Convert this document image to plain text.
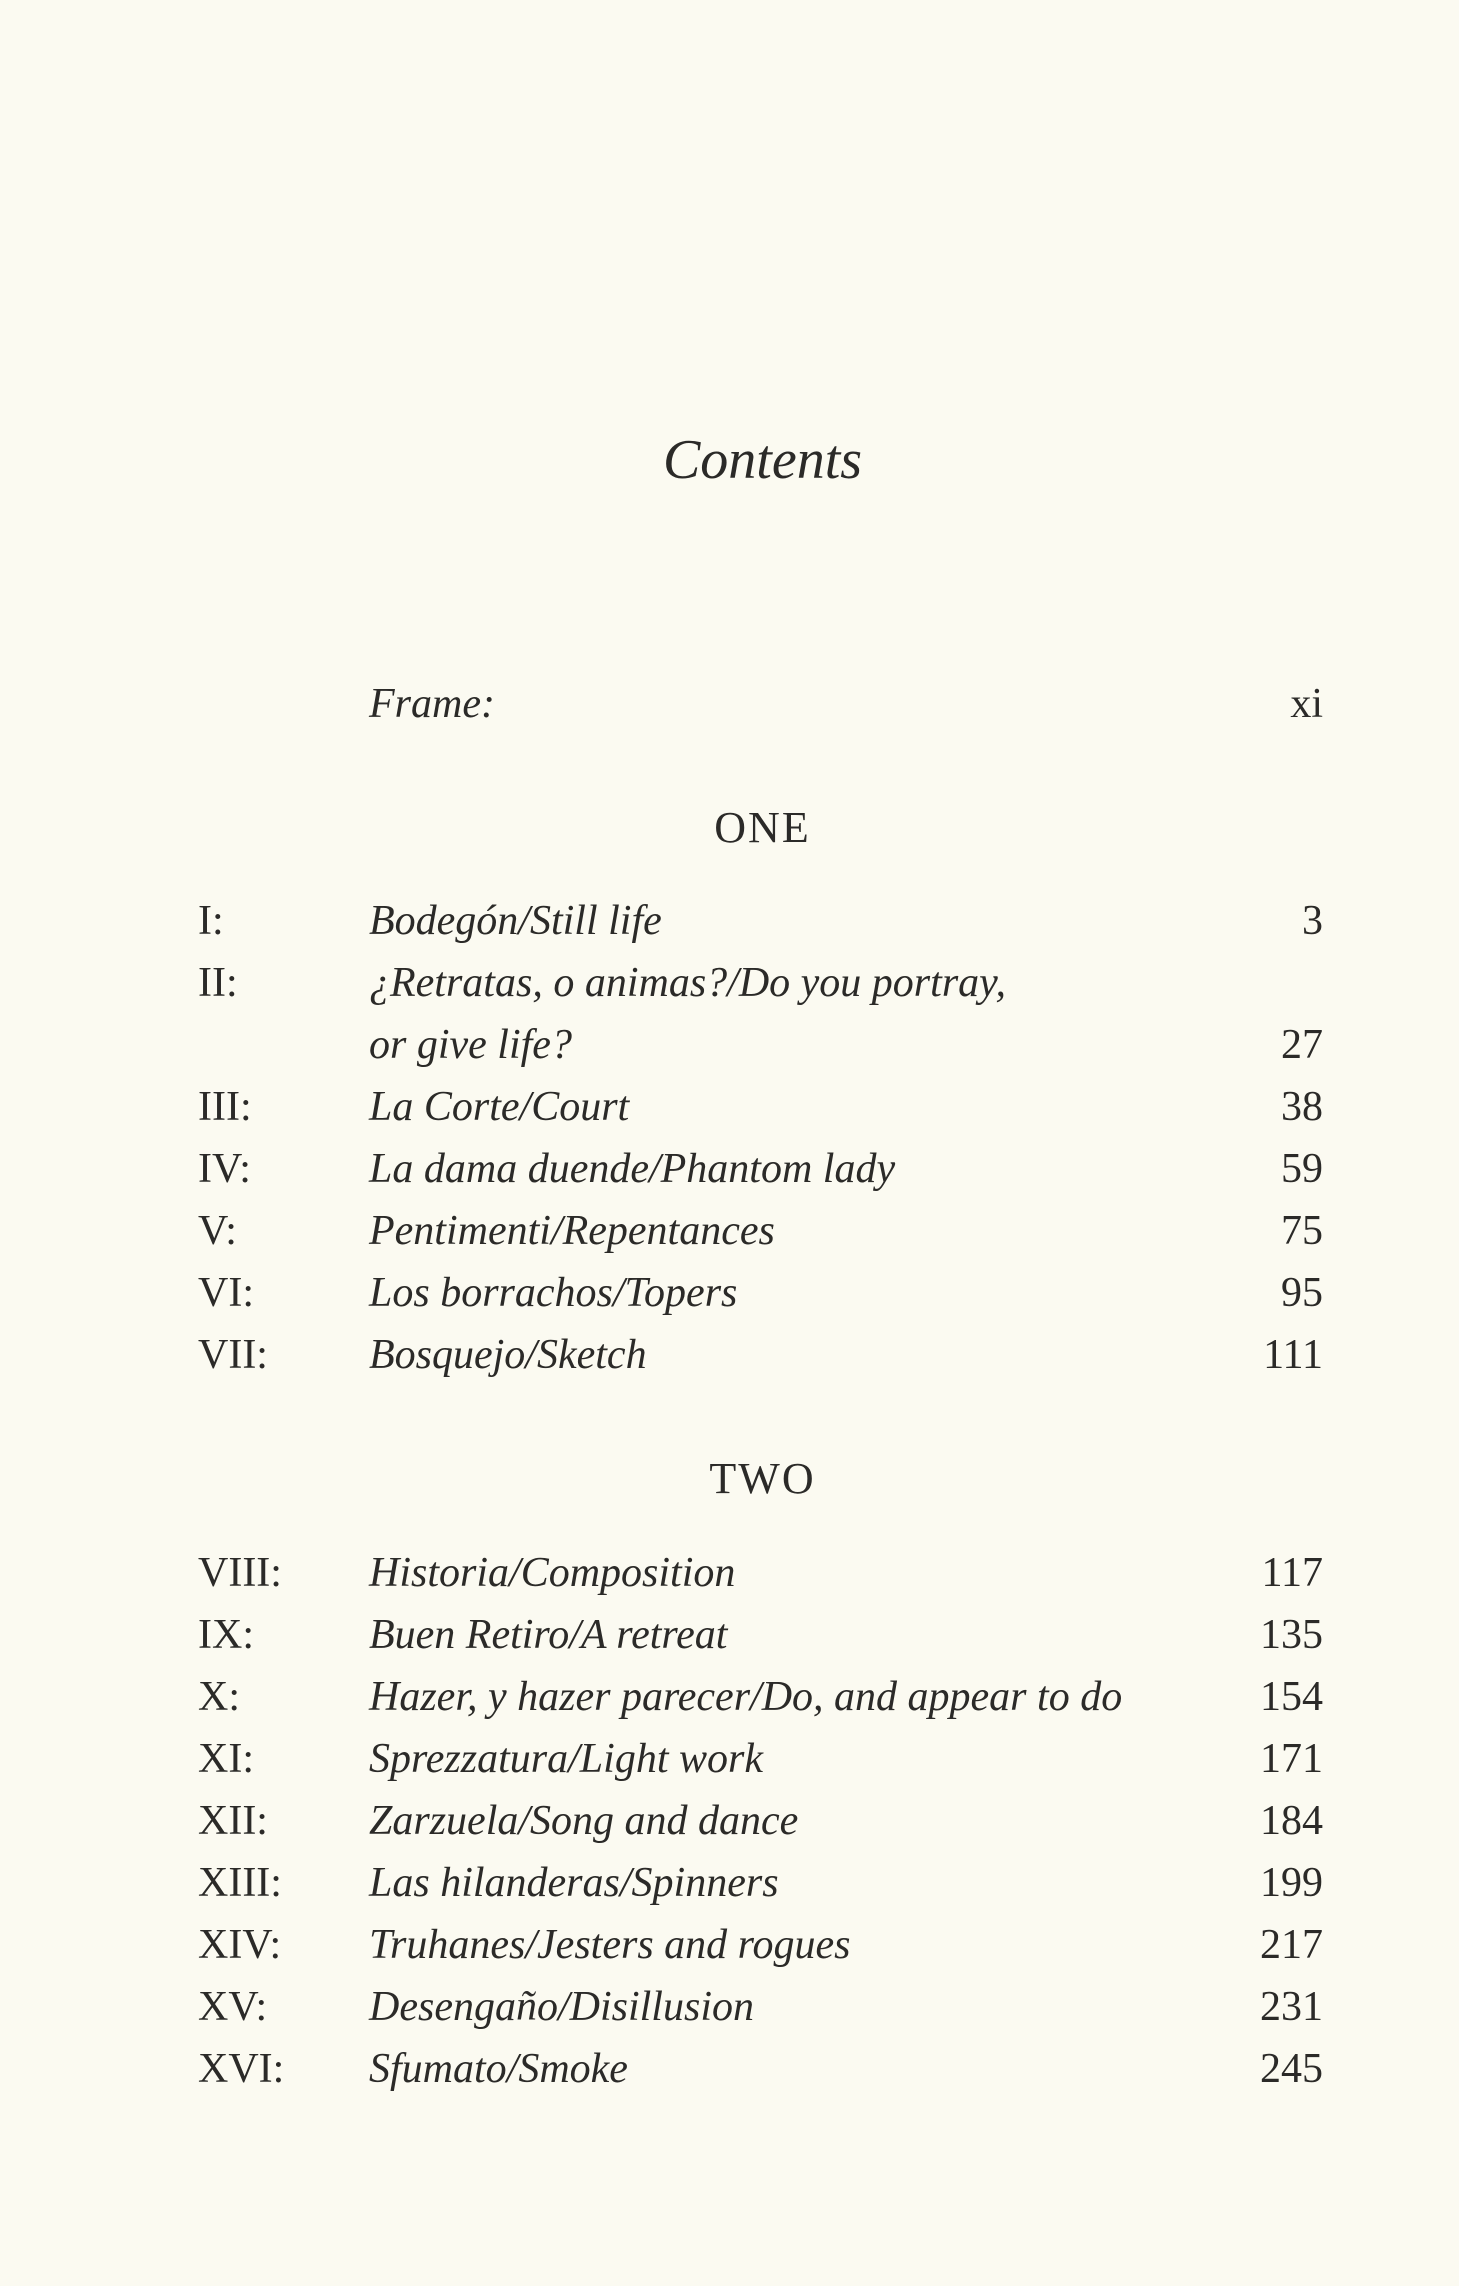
Contents
Frame:	xi
ONE
I:	Bodegón/Still life	3
II:	¿Retratas, o animas?/Do you portray,
or give life?	27
III:	La Corte/Court	38
IV:	La dama duende/Phantom lady	59
V:	Pentimenti/Repentances	75
VI:	Los borrachos/Topers	95
VII: Bosquejo/Sketch	111
TWO
VIII: Historia/Composition	117
IX:	Buen Retiro/A retreat	135
X:	Hazer, y hazer parecer/Do, and appear to do	154
XI:	Sprezzatura/Light work	171
XII: Zarzuela/Song and dance	184
XIII: Las hilanderas/Spinners	199
XIV: Truhanes/Jesters and rogues	217
XV: Desengaño/Disillusion	231
XVI: Sfumato/Smoke	245
